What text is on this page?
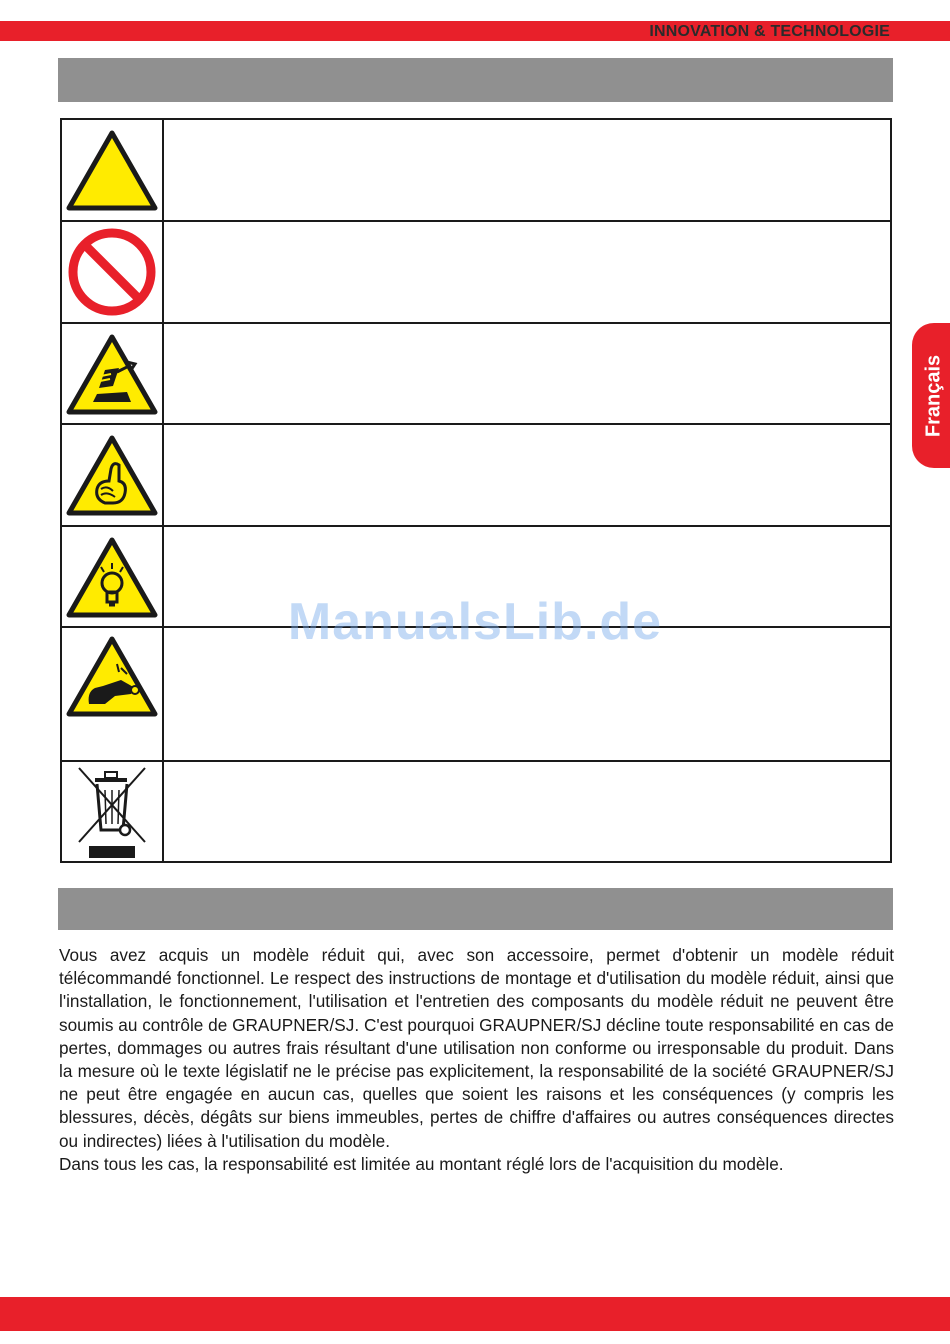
INNOVATION & TECHNOLOGIE

Français
ManualsLib.de

Vous avez acquis un modèle réduit qui, avec son accessoire, permet d'obtenir un modèle réduit télécommandé fonctionnel. Le respect des instructions de montage et d'utilisation du modèle réduit, ainsi que l'installation, le fonctionnement, l'utilisation et l'entretien des composants du modèle réduit ne peuvent être soumis au contrôle de GRAUPNER/SJ. C'est pourquoi GRAUPNER/SJ décline toute responsabilité en cas de pertes, dommages ou autres frais résultant d'une utilisation non conforme ou irresponsable du produit. Dans la mesure où le texte législatif ne le précise pas explicitement, la responsabilité de la société GRAUPNER/SJ ne peut être engagée en aucun cas, quelles que soient les raisons et les conséquences (y compris les blessures, décès, dégâts sur biens immeubles, pertes de chiffre d'affaires ou autres conséquences directes ou indirectes) liées à l'utilisation du modèle.

Dans tous les cas, la responsabilité est limitée au montant réglé lors de l'acquisition du modèle.
